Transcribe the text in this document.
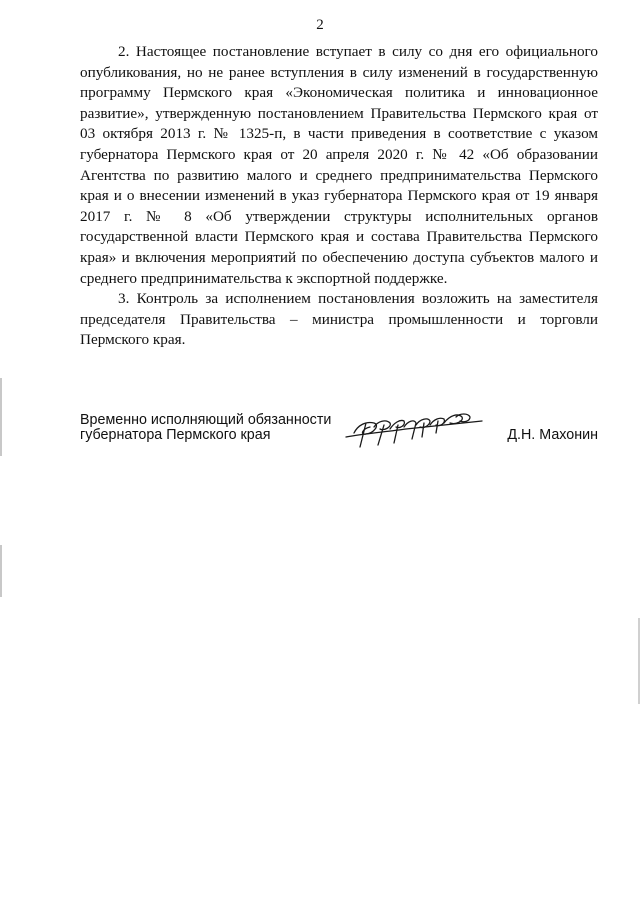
2

2. Настоящее постановление вступает в силу со дня его официального опубликования, но не ранее вступления в силу изменений в государственную программу Пермского края «Экономическая политика и инновационное развитие», утвержденную постановлением Правительства Пермского края от 03 октября 2013 г. № 1325-п, в части приведения в соответствие с указом губернатора Пермского края от 20 апреля 2020 г. № 42 «Об образовании Агентства по развитию малого и среднего предпринимательства Пермского края и о внесении изменений в указ губернатора Пермского края от 19 января 2017 г. № 8 «Об утверждении структуры исполнительных органов государственной власти Пермского края и состава Правительства Пермского края» и включения мероприятий по обеспечению доступа субъектов малого и среднего предпринимательства к экспортной поддержке.

3. Контроль за исполнением постановления возложить на заместителя председателя Правительства – министра промышленности и торговли Пермского края.

Временно исполняющий обязанности
губернатора Пермского края	Д.Н. Махонин
